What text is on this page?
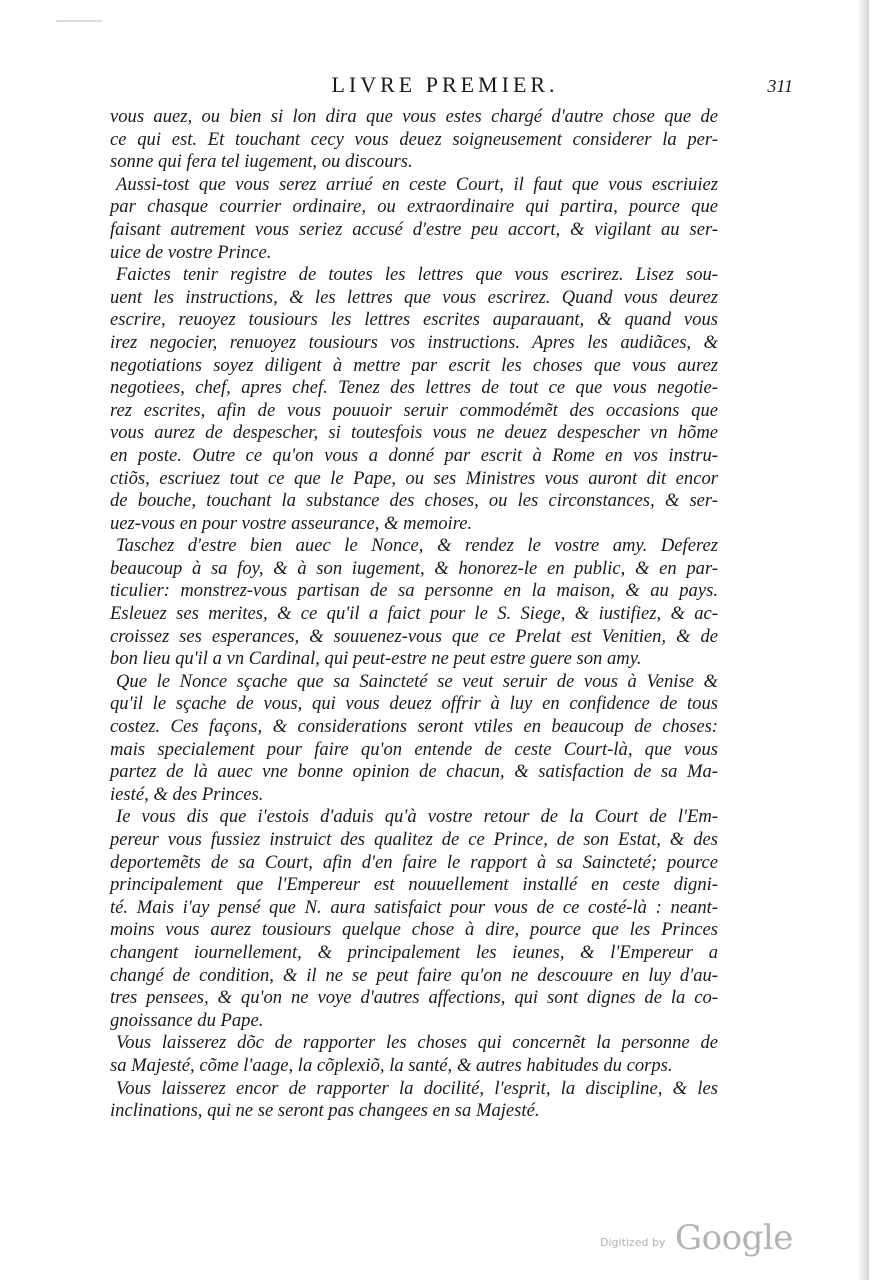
LIVRE PREMIER.	311
vous auez, ou bien si lon dira que vous estes chargé d'autre chose que de
ce qui est. Et touchant cecy vous deuez soigneusement considerer la per-
sonne qui fera tel iugement, ou discours.
Aussi-tost que vous serez arriué en ceste Court, il faut que vous escriuiez
par chasque courrier ordinaire, ou extraordinaire qui partira, pource que
faisant autrement vous seriez accusé d'estre peu accort, & vigilant au ser-
uice de vostre Prince.
Faictes tenir registre de toutes les lettres que vous escrirez. Lisez sou-
uent les instructions, & les lettres que vous escrirez. Quand vous deurez
escrire, reuoyez tousiours les lettres escrites auparauant, & quand vous
irez negocier, renuoyez tousiours vos instructions. Apres les audiãces, &
negotiations soyez diligent à mettre par escrit les choses que vous aurez
negotiees, chef, apres chef. Tenez des lettres de tout ce que vous negotie-
rez escrites, afin de vous pouuoir seruir commodémẽt des occasions que
vous aurez de despescher, si toutesfois vous ne deuez despescher vn hõme
en poste. Outre ce qu'on vous a donné par escrit à Rome en vos instru-
ctiõs, escriuez tout ce que le Pape, ou ses Ministres vous auront dit encor
de bouche, touchant la substance des choses, ou les circonstances, & ser-
uez-vous en pour vostre asseurance, & memoire.
Taschez d'estre bien auec le Nonce, & rendez le vostre amy. Deferez
beaucoup à sa foy, & à son iugement, & honorez-le en public, & en par-
ticulier: monstrez-vous partisan de sa personne en la maison, & au pays.
Esleuez ses merites, & ce qu'il a faict pour le S. Siege, & iustifiez, & ac-
croissez ses esperances, & souuenez-vous que ce Prelat est Venitien, & de
bon lieu qu'il a vn Cardinal, qui peut-estre ne peut estre guere son amy.
Que le Nonce sçache que sa Saincteté se veut seruir de vous à Venise &
qu'il le sçache de vous, qui vous deuez offrir à luy en confidence de tous
costez. Ces façons, & considerations seront vtiles en beaucoup de choses:
mais specialement pour faire qu'on entende de ceste Court-là, que vous
partez de là auec vne bonne opinion de chacun, & satisfaction de sa Ma-
iesté, & des Princes.
Ie vous dis que i'estois d'aduis qu'à vostre retour de la Court de l'Em-
pereur vous fussiez instruict des qualitez de ce Prince, de son Estat, & des
deportemẽts de sa Court, afin d'en faire le rapport à sa Saincteté; pource
principalement que l'Empereur est nouuellement installé en ceste digni-
té. Mais i'ay pensé que N. aura satisfaict pour vous de ce costé-là : neant-
moins vous aurez tousiours quelque chose à dire, pource que les Princes
changent iournellement, & principalement les ieunes, & l'Empereur a
changé de condition, & il ne se peut faire qu'on ne descouure en luy d'au-
tres pensees, & qu'on ne voye d'autres affections, qui sont dignes de la co-
gnoissance du Pape.
Vous laisserez dõc de rapporter les choses qui concernẽt la personne de
sa Majesté, cõme l'aage, la cõplexiõ, la santé, & autres habitudes du corps.
Vous laisserez encor de rapporter la docilité, l'esprit, la discipline, & les
inclinations, qui ne se seront pas changees en sa Majesté.
Digitized by Google
